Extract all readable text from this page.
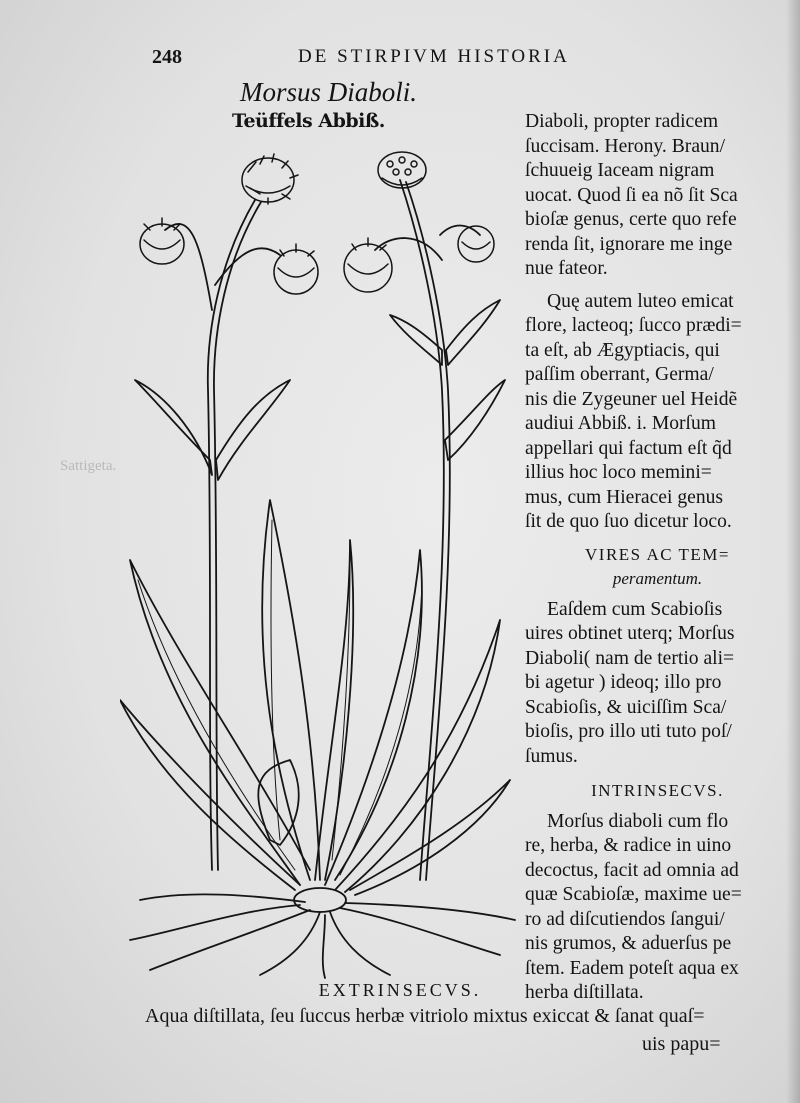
Sattigeta.
248	DE STIRPIVM HISTORIA
Morsus Diaboli.
Teüffels Abbiß.	Diaboli, propter radicem
ſuccisam. Herony. Braun/
ſchuueig Iaceam nigram
uocat. Quod ſi ea nõ ſit Sca
bioſæ genus, certe quo refe
renda ſit, ignorare me inge
nue fateor.
Quę autem luteo emicat
flore, lacteoq; ſucco prædi=
ta eſt, ab Ægyptiacis, qui
paſſim oberrant, Germa/
nis die Zygeuner uel Heidẽ
audiui Abbiß. i. Morſum
appellari qui factum eſt q̃d
illius hoc loco memini=
mus, cum Hieracei genus
ſit de quo ſuo dicetur loco.
VIRES AC TEM=
peramentum.
Eaſdem cum Scabioſis
uires obtinet uterq; Morſus
Diaboli( nam de tertio ali=
bi agetur ) ideoq; illo pro
Scabioſis, & uiciſſim Sca/
bioſis, pro illo uti tuto poſ/
ſumus.
INTRINSECVS.
Morſus diaboli cum flo
re, herba, & radice in uino
decoctus, facit ad omnia ad
quæ Scabioſæ, maxime ue=
ro ad diſcutiendos ſangui/
nis grumos, & aduerſus pe
ſtem. Eadem poteſt aqua ex
herba diſtillata.
EXTRINSECVS.
Aqua diſtillata, ſeu ſuccus herbæ vitriolo mixtus exiccat & ſanat quaſ=
uis papu=
